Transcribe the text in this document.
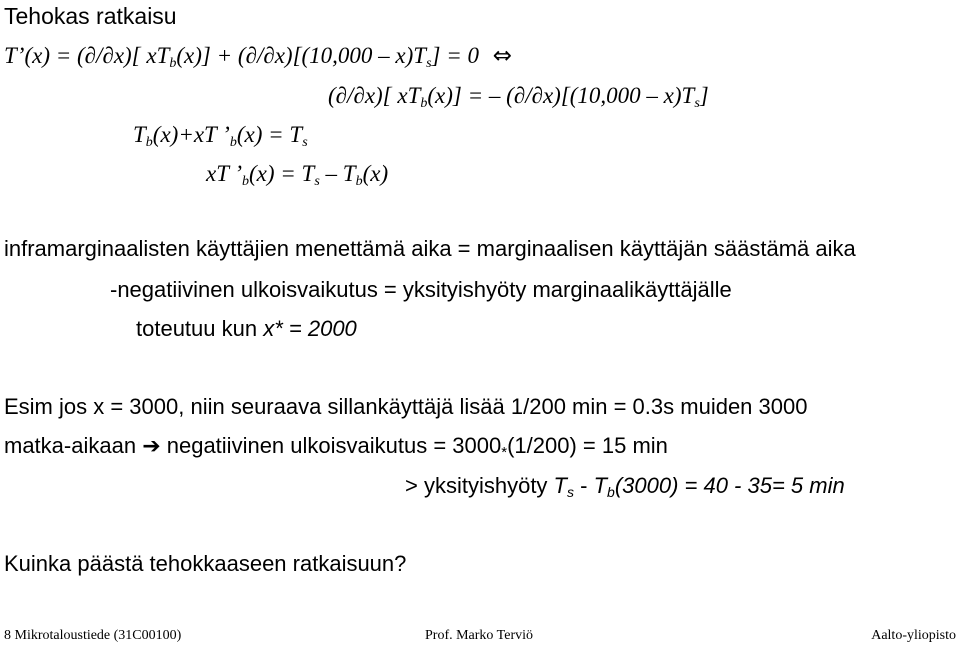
Tehokas ratkaisu
T’(x) = (∂/∂x)[ $xT_b(x)] + (\partial/\partial x)[(10,000 - x)T_s] = 0$ ⇔
(∂/∂x)[ $xT_b(x)$] = – $(\partial/\partial x)[(10,000 - x)T_s]$
$T_b(x)+xT$ $’_b(x) = T_s$
xT $’_b(x) = T_s - T_b(x)$
inframarginaalisten käyttäjien menettämä aika = marginaalisen käyttäjän säästämä aika
-negatiivinen ulkoisvaikutus = yksityishyöty marginaalikäyttäjälle
toteutuu kun x* = 2000
Esim jos x = 3000, niin seuraava sillankäyttäjä lisää 1/200 min = 0.3s muiden 3000
matka-aikaan ➔ negatiivinen ulkoisvaikutus = $3000_*(1/200) = 15$ min
> yksityishyöty $T_s - T_b(3000) = 40 - 35= 5$ min
Kuinka päästä tehokkaaseen ratkaisuun?
8 Mikrotaloustiede (31C00100)	Prof. Marko Terviö	Aalto-yliopisto
